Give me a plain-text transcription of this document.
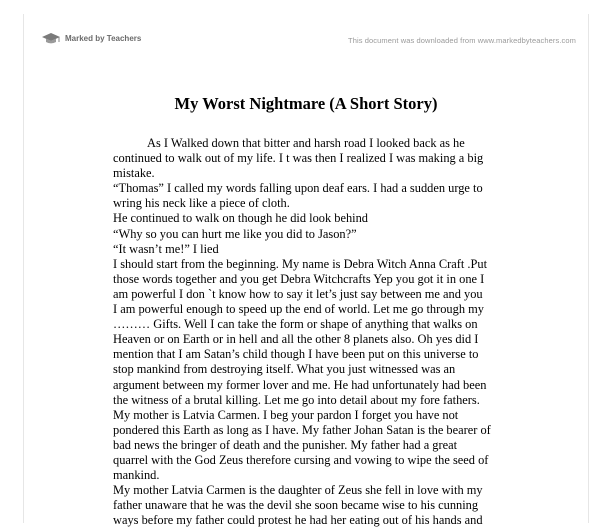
Marked by Teachers	This document was downloaded from www.markedbyteachers.com
My Worst Nightmare (A Short Story)
As I Walked down that bitter and harsh road I looked back as he
continued to walk out of my life. I t was then I realized I was making a big
mistake.
“Thomas” I called my words falling upon deaf ears. I had a sudden urge to
wring his neck like a piece of cloth.
He continued to walk on though he did look behind
“Why so you can hurt me like you did to Jason?”
“It wasn’t me!” I lied
I should start from the beginning. My name is Debra Witch Anna Craft .Put
those words together and you get Debra Witchcrafts Yep you got it in one I
am powerful I don `t know how to say it let’s just say between me and you
I am powerful enough to speed up the end of world. Let me go through my
……… Gifts. Well I can take the form or shape of anything that walks on
Heaven or on Earth or in hell and all the other 8 planets also. Oh yes did I
mention that I am Satan’s child though I have been put on this universe to
stop mankind from destroying itself. What you just witnessed was an
argument between my former lover and me. He had unfortunately had been
the witness of a brutal killing. Let me go into detail about my fore fathers.
My mother is Latvia Carmen. I beg your pardon I forget you have not
pondered this Earth as long as I have. My father Johan Satan is the bearer of
bad news the bringer of death and the punisher. My father had a great
quarrel with the God Zeus therefore cursing and vowing to wipe the seed of
mankind.
My mother Latvia Carmen is the daughter of Zeus she fell in love with my
father unaware that he was the devil she soon became wise to his cunning
ways before my father could protest he had her eating out of his hands and
